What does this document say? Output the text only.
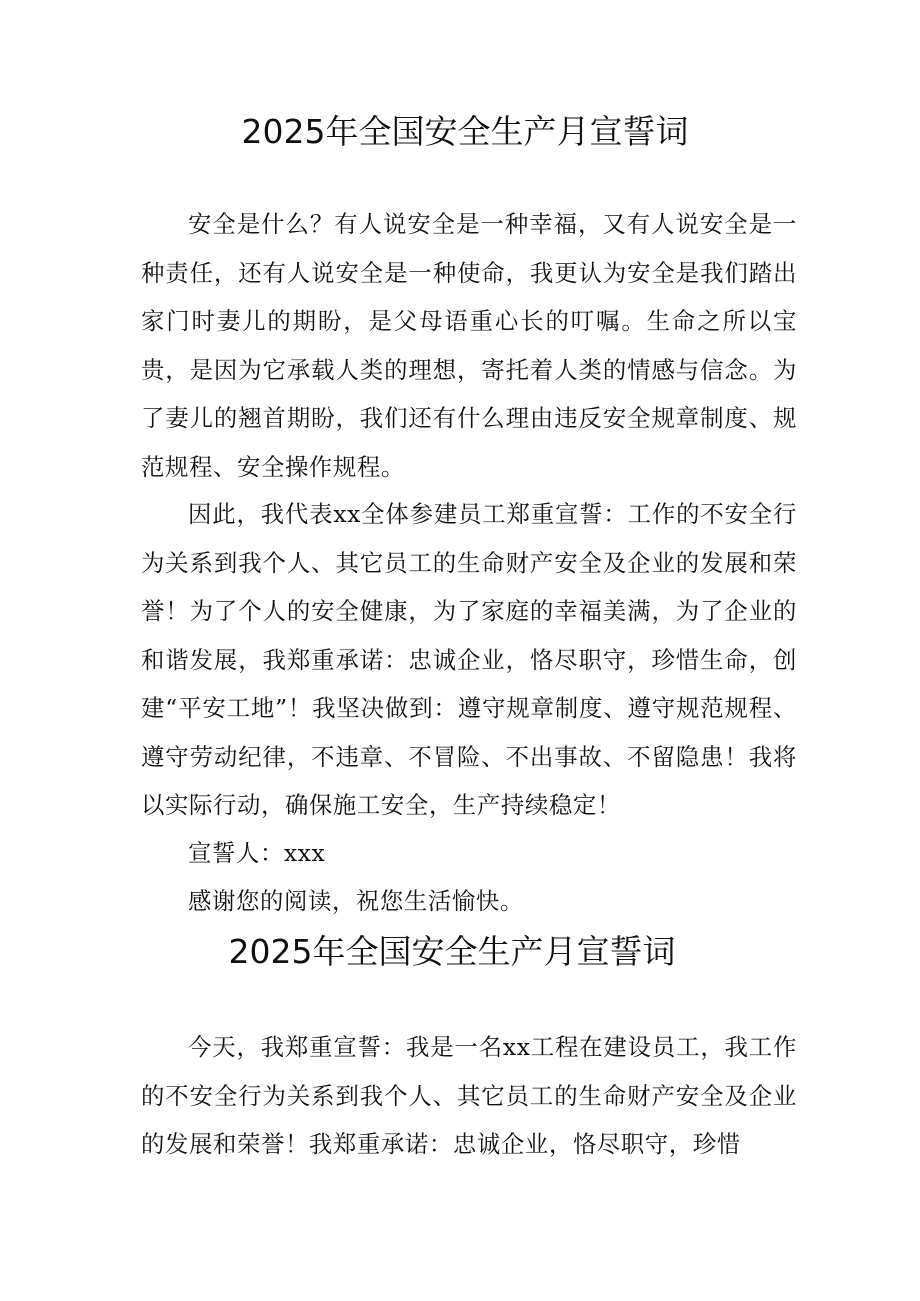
2025年全国安全生产月宣誓词

安全是什么？有人说安全是一种幸福，又有人说安全是一种责任，还有人说安全是一种使命，我更认为安全是我们踏出家门时妻儿的期盼，是父母语重心长的叮嘱。生命之所以宝贵，是因为它承载人类的理想，寄托着人类的情感与信念。为了妻儿的翘首期盼，我们还有什么理由违反安全规章制度、规范规程、安全操作规程。

因此，我代表xx全体参建员工郑重宣誓：工作的不安全行为关系到我个人、其它员工的生命财产安全及企业的发展和荣誉！为了个人的安全健康，为了家庭的幸福美满，为了企业的和谐发展，我郑重承诺：忠诚企业，恪尽职守，珍惜生命，创建“平安工地”！我坚决做到：遵守规章制度、遵守规范规程、遵守劳动纪律，不违章、不冒险、不出事故、不留隐患！我将以实际行动，确保施工安全，生产持续稳定！

宣誓人：xxx

感谢您的阅读，祝您生活愉快。

2025年全国安全生产月宣誓词

今天，我郑重宣誓：我是一名xx工程在建设员工，我工作的不安全行为关系到我个人、其它员工的生命财产安全及企业的发展和荣誉！我郑重承诺：忠诚企业，恪尽职守，珍惜
